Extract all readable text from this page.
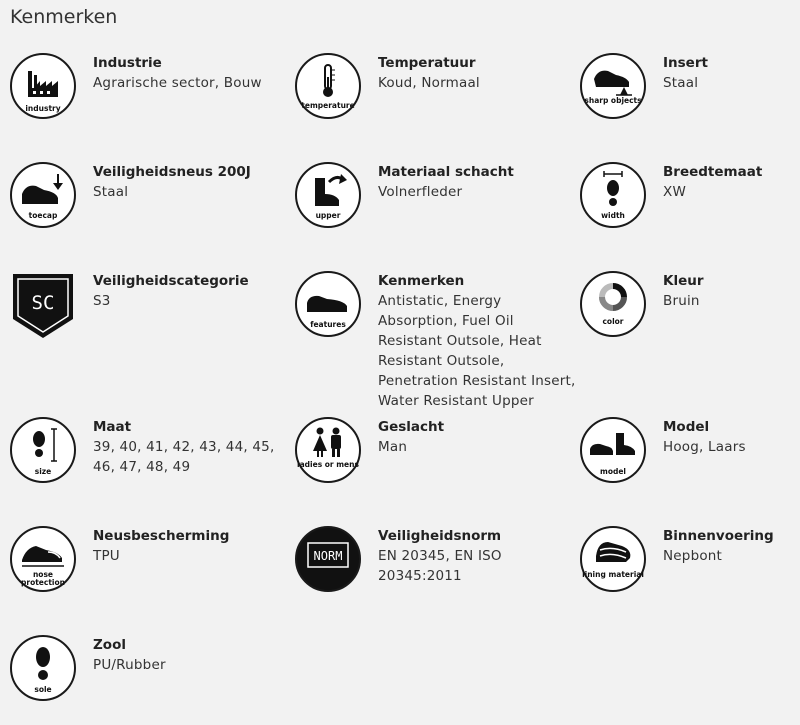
Kenmerken
industry
Industrie
Agrarische sector, Bouw
temperature
Temperatuur
Koud, Normaal
sharp objects
Insert
Staal
toecap
Veiligheidsneus 200J
Staal
upper
Materiaal schacht
Volnerfleder
width
Breedtemaat
XW
SC
Veiligheidscategorie
S3
features
Kenmerken
Antistatic, Energy Absorption, Fuel Oil Resistant Outsole, Heat Resistant Outsole, Penetration Resistant Insert, Water Resistant Upper
color
Kleur
Bruin
size
Maat
39, 40, 41, 42, 43, 44, 45, 46, 47, 48, 49	ladies or mens
Geslacht
Man
model
Model
Hoog, Laars
nose protection
Neusbescherming
TPU	NORM
Veiligheidsnorm
EN 20345, EN ISO 20345:2011	lining material
Binnenvoering
Nepbont
sole
Zool
PU/Rubber
